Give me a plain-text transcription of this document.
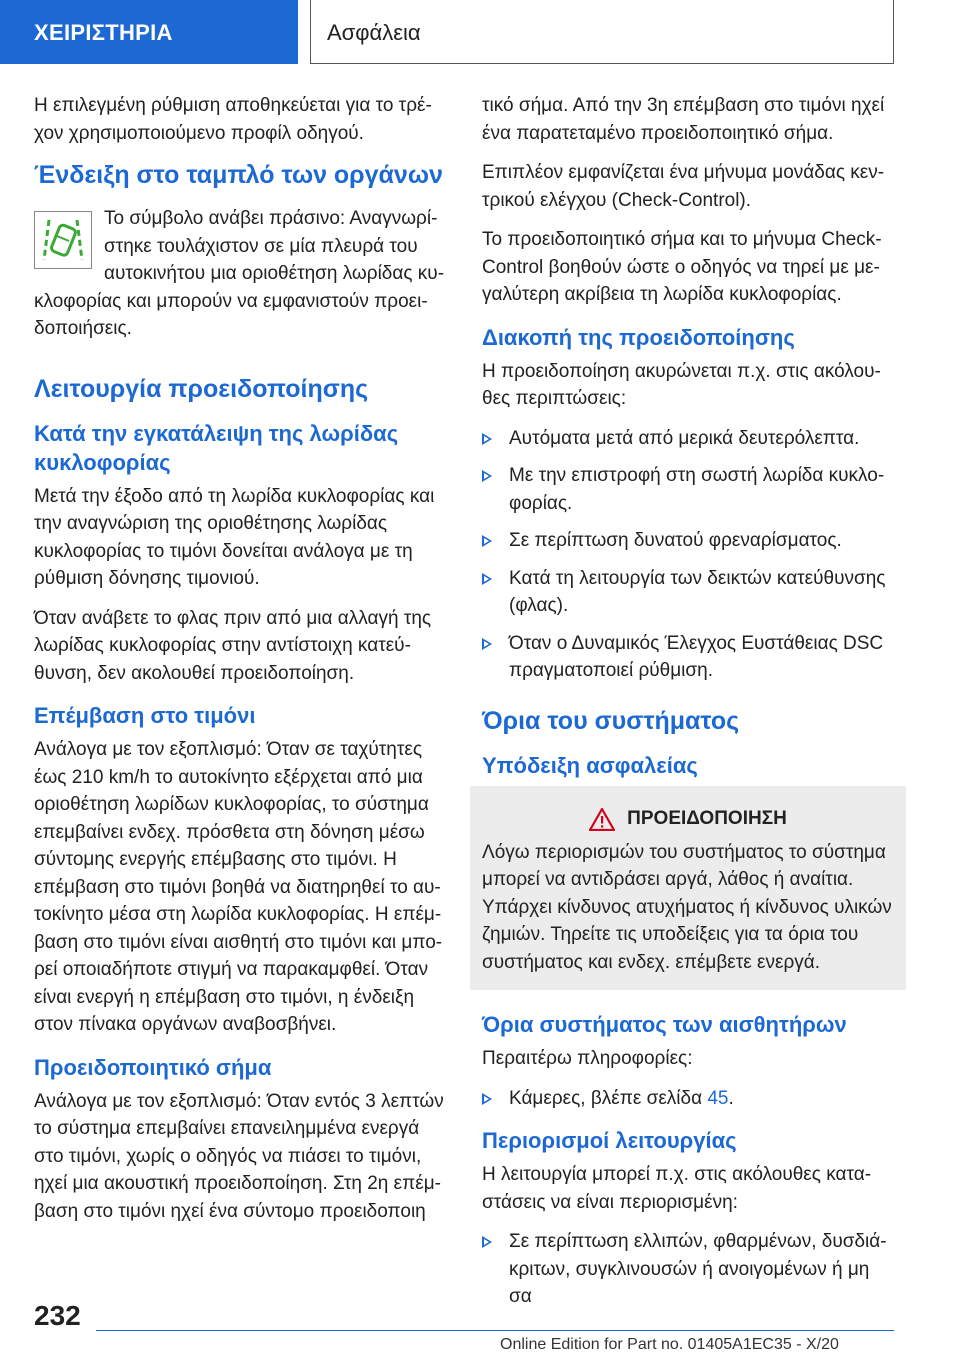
ΧΕΙΡΙΣΤΗΡΙΑ	Ασφάλεια

Η επιλεγμένη ρύθμιση αποθηκεύεται για το τρέχον χρησιμοποιούμενο προφίλ οδηγού.

Ένδειξη στο ταμπλό των οργάνων

Το σύμβολο ανάβει πράσινο: Αναγνωρίστηκε τουλάχιστον σε μία πλευρά του αυτοκινήτου μια οριοθέτηση λωρίδας κυκλοφορίας και μπορούν να εμφανιστούν προειδοποιήσεις.

Λειτουργία προειδοποίησης
Κατά την εγκατάλειψη της λωρίδας κυκλοφορίας

Μετά την έξοδο από τη λωρίδα κυκλοφορίας και την αναγνώριση της οριοθέτησης λωρίδας κυκλοφορίας το τιμόνι δονείται ανάλογα με τη ρύθμιση δόνησης τιμονιού.

Όταν ανάβετε το φλας πριν από μια αλλαγή της λωρίδας κυκλοφορίας στην αντίστοιχη κατεύθυνση, δεν ακολουθεί προειδοποίηση.

Επέμβαση στο τιμόνι

Ανάλογα με τον εξοπλισμό: Όταν σε ταχύτητες έως 210 km/h το αυτοκίνητο εξέρχεται από μια οριοθέτηση λωρίδων κυκλοφορίας, το σύστημα επεμβαίνει ενδεχ. πρόσθετα στη δόνηση μέσω σύντομης ενεργής επέμβασης στο τιμόνι. Η επέμβαση στο τιμόνι βοηθά να διατηρηθεί το αυτοκίνητο μέσα στη λωρίδα κυκλοφορίας. Η επέμβαση στο τιμόνι είναι αισθητή στο τιμόνι και μπορεί οποιαδήποτε στιγμή να παρακαμφθεί. Όταν είναι ενεργή η επέμβαση στο τιμόνι, η ένδειξη στον πίνακα οργάνων αναβοσβήνει.

Προειδοποιητικό σήμα

Ανάλογα με τον εξοπλισμό: Όταν εντός 3 λεπτών το σύστημα επεμβαίνει επανειλημμένα ενεργά στο τιμόνι, χωρίς ο οδηγός να πιάσει το τιμόνι, ηχεί μια ακουστική προειδοποίηση. Στη 2η επέμβαση στο τιμόνι ηχεί ένα σύντομο προειδοποιη

τικό σήμα. Από την 3η επέμβαση στο τιμόνι ηχεί ένα παρατεταμένο προειδοποιητικό σήμα.

Επιπλέον εμφανίζεται ένα μήνυμα μονάδας κεντρικού ελέγχου (Check-Control).

Το προειδοποιητικό σήμα και το μήνυμα Check-Control βοηθούν ώστε ο οδηγός να τηρεί με μεγαλύτερη ακρίβεια τη λωρίδα κυκλοφορίας.

Διακοπή της προειδοποίησης

Η προειδοποίηση ακυρώνεται π.χ. στις ακόλουθες περιπτώσεις:

Αυτόματα μετά από μερικά δευτερόλεπτα.
Με την επιστροφή στη σωστή λωρίδα κυκλοφορίας.
Σε περίπτωση δυνατού φρεναρίσματος.
Κατά τη λειτουργία των δεικτών κατεύθυνσης (φλας).
Όταν ο Δυναμικός Έλεγχος Ευστάθειας DSC πραγματοποιεί ρύθμιση.
Όρια του συστήματος
Υπόδειξη ασφαλείας
ΠΡΟΕΙΔΟΠΟΙΗΣΗ

Λόγω περιορισμών του συστήματος το σύστημα μπορεί να αντιδράσει αργά, λάθος ή αναίτια. Υπάρχει κίνδυνος ατυχήματος ή κίνδυνος υλικών ζημιών. Τηρείτε τις υποδείξεις για τα όρια του συστήματος και ενδεχ. επέμβετε ενεργά.

Όρια συστήματος των αισθητήρων

Περαιτέρω πληροφορίες:

Κάμερες, βλέπε σελίδα 45.
Περιορισμοί λειτουργίας

Η λειτουργία μπορεί π.χ. στις ακόλουθες καταστάσεις να είναι περιορισμένη:

Σε περίπτωση ελλιπών, φθαρμένων, δυσδιάκριτων, συγκλινουσών ή ανοιγομένων ή μη σα
232
Online Edition for Part no. 01405A1EC35 - X/20
